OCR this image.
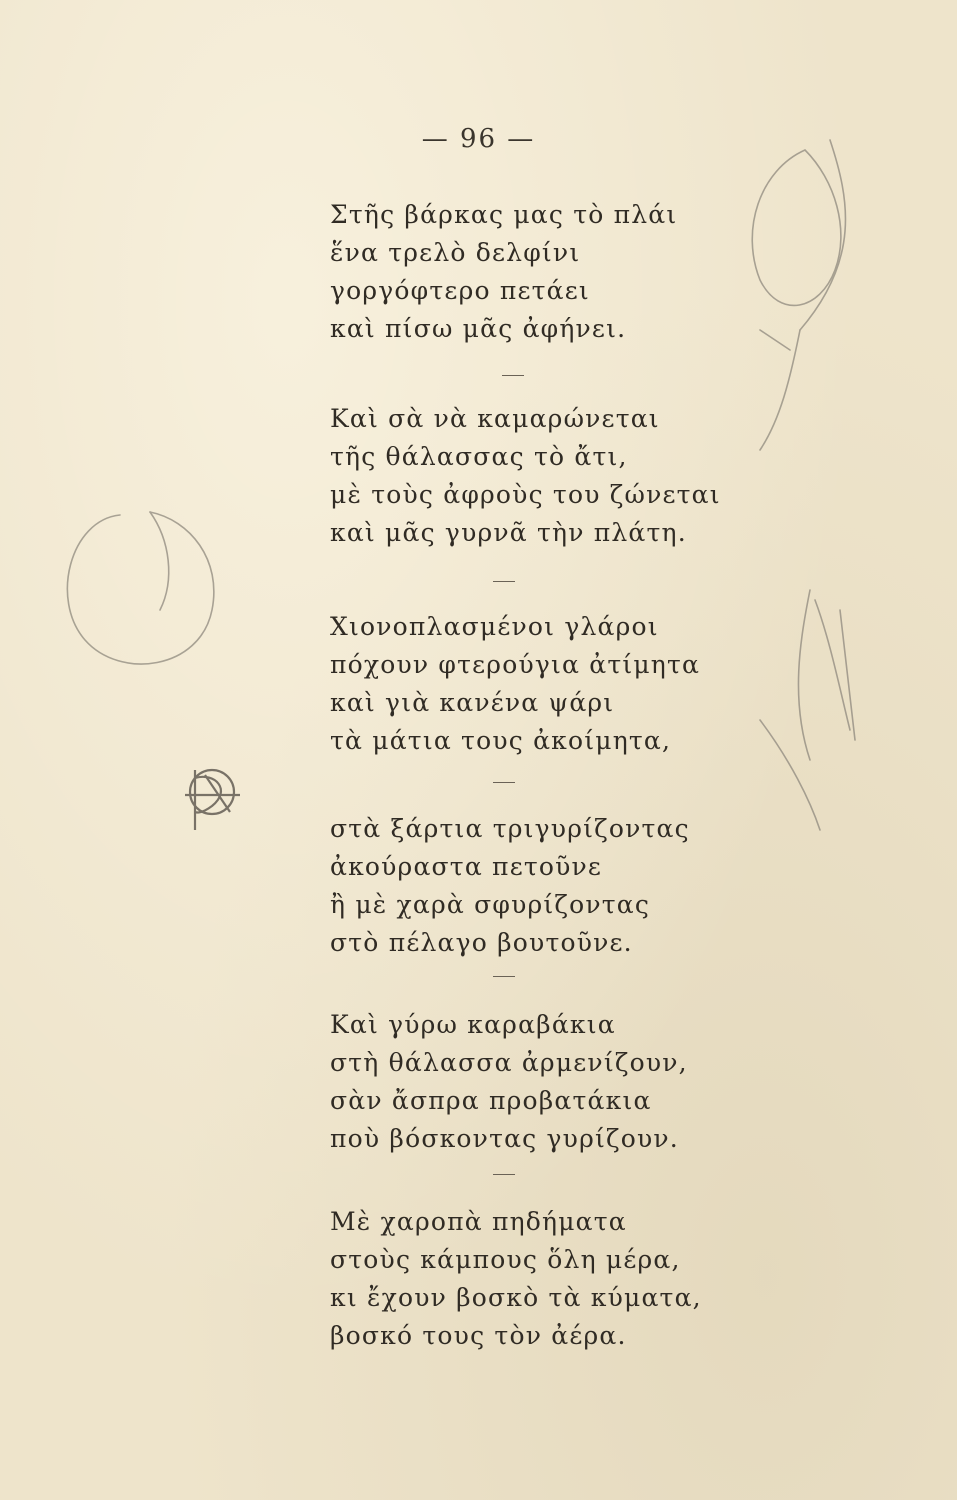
— 96 —
Στῆς βάρκας μας τὸ πλάι
ἕνα τρελὸ δελφίνι
γοργόφτερο πετάει
καὶ πίσω μᾶς ἀφήνει.
Καὶ σὰ νὰ καμαρώνεται
τῆς θάλασσας τὸ ἄτι,
μὲ τοὺς ἀφροὺς του ζώνεται
καὶ μᾶς γυρνᾶ τὴν πλάτη.
Χιονοπλασμένοι γλάροι
πόχουν φτερούγια ἀτίμητα
καὶ γιὰ κανένα ψάρι
τὰ μάτια τους ἀκοίμητα,
στὰ ξάρτια τριγυρίζοντας
ἀκούραστα πετοῦνε
ἢ μὲ χαρὰ σφυρίζοντας
στὸ πέλαγο βουτοῦνε.
Καὶ γύρω καραβάκια
στὴ θάλασσα ἀρμενίζουν,
σὰν ἄσπρα προβατάκια
ποὺ βόσκοντας γυρίζουν.
Μὲ χαροπὰ πηδήματα
στοὺς κάμπους ὅλη μέρα,
κι ἔχουν βοσκὸ τὰ κύματα,
βοσκό τους τὸν ἀέρα.
